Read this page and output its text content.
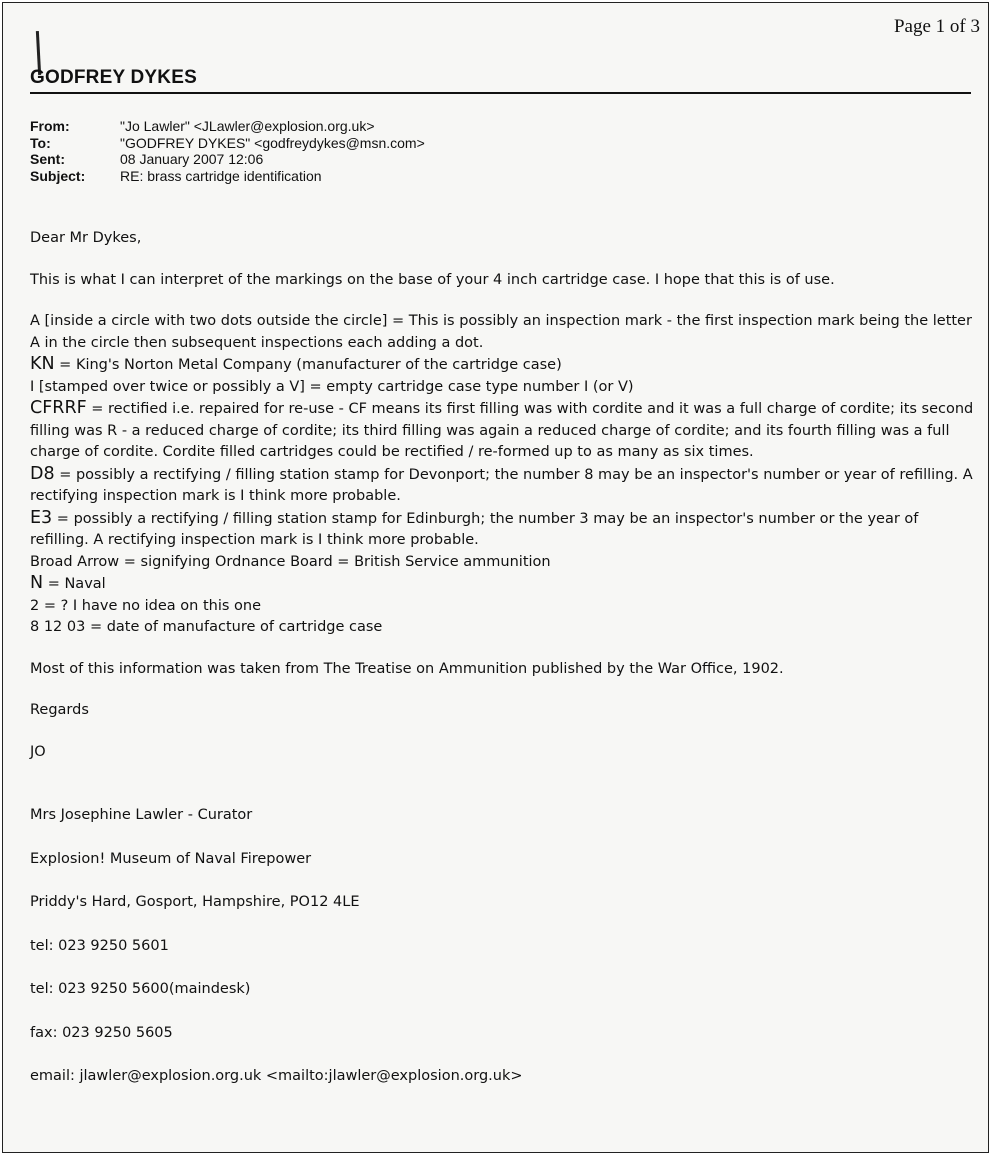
Page 1 of 3
GODFREY DYKES
From:	"Jo Lawler" <JLawler@explosion.org.uk>
To:	"GODFREY DYKES" <godfreydykes@msn.com>
Sent:	08 January 2007 12:06
Subject:	RE: brass cartridge identification

Dear Mr Dykes,

This is what I can interpret of the markings on the base of your 4 inch cartridge case. I hope that this is of use.

A [inside a circle with two dots outside the circle] = This is possibly an inspection mark - the first inspection mark being the letter A in the circle then subsequent inspections each adding a dot.

KN = King's Norton Metal Company (manufacturer of the cartridge case)

I [stamped over twice or possibly a V] = empty cartridge case type number I (or V)

CFRRF = rectified i.e. repaired for re-use - CF means its first filling was with cordite and it was a full charge of cordite; its second filling was R - a reduced charge of cordite; its third filling was again a reduced charge of cordite; and its fourth filling was a full charge of cordite. Cordite filled cartridges could be rectified / re-formed up to as many as six times.

D8 = possibly a rectifying / filling station stamp for Devonport; the number 8 may be an inspector's number or year of refilling. A rectifying inspection mark is I think more probable.

E3 = possibly a rectifying / filling station stamp for Edinburgh; the number 3 may be an inspector's number or the year of refilling. A rectifying inspection mark is I think more probable.

Broad Arrow = signifying Ordnance Board = British Service ammunition

N = Naval

2 = ? I have no idea on this one

8 12 03 = date of manufacture of cartridge case

Most of this information was taken from The Treatise on Ammunition published by the War Office, 1902.

Regards

JO

Mrs Josephine Lawler - Curator

Explosion! Museum of Naval Firepower

Priddy's Hard, Gosport, Hampshire, PO12 4LE

tel: 023 9250 5601

tel: 023 9250 5600(maindesk)

fax: 023 9250 5605

email: jlawler@explosion.org.uk <mailto:jlawler@explosion.org.uk>
